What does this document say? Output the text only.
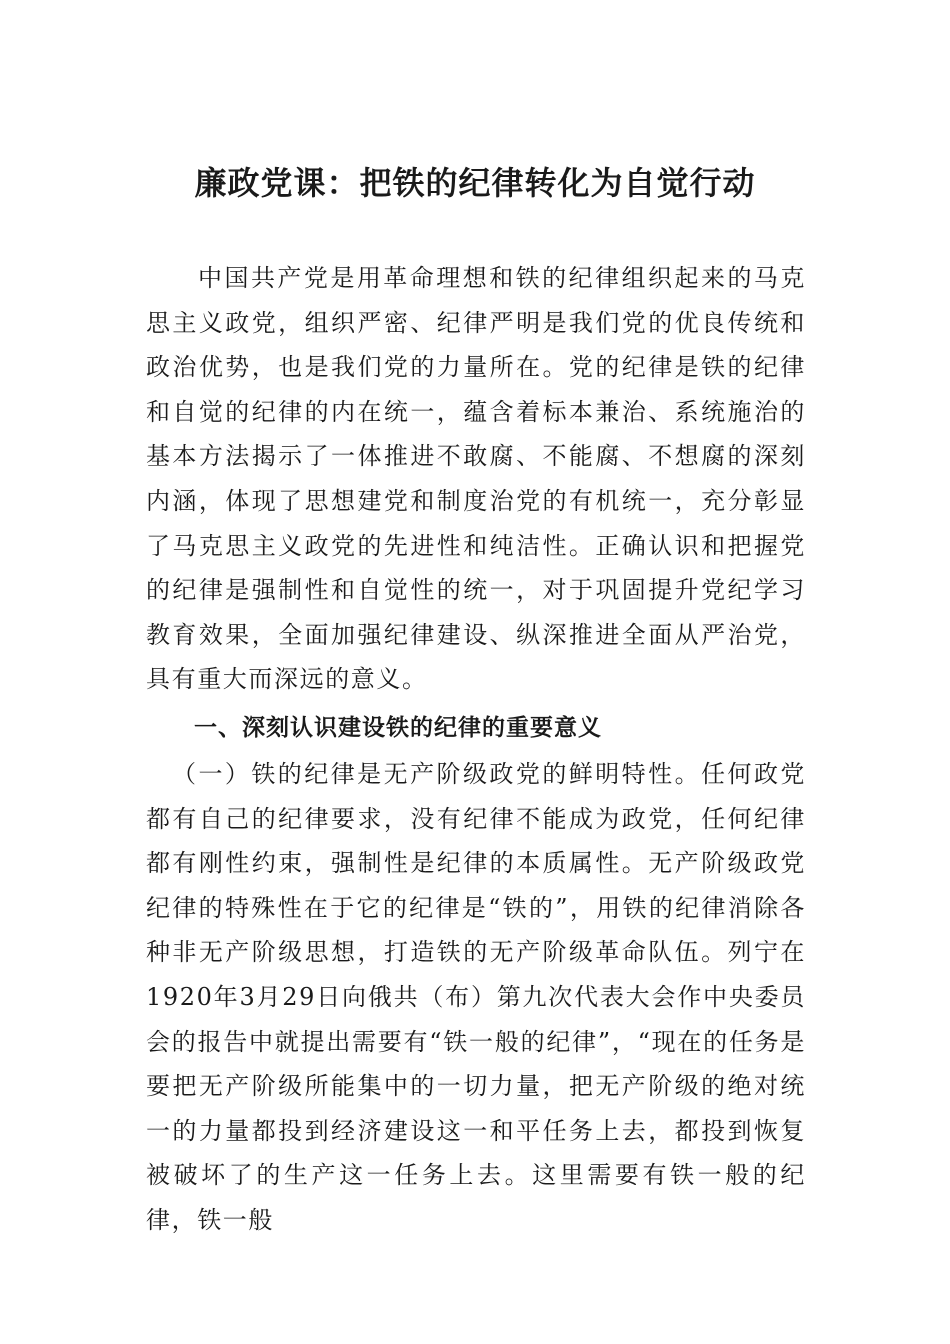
廉政党课：把铁的纪律转化为自觉行动

中国共产党是用革命理想和铁的纪律组织起来的马克思主义政党，组织严密、纪律严明是我们党的优良传统和政治优势，也是我们党的力量所在。党的纪律是铁的纪律和自觉的纪律的内在统一，蕴含着标本兼治、系统施治的基本方法揭示了一体推进不敢腐、不能腐、不想腐的深刻内涵，体现了思想建党和制度治党的有机统一，充分彰显了马克思主义政党的先进性和纯洁性。正确认识和把握党的纪律是强制性和自觉性的统一，对于巩固提升党纪学习教育效果，全面加强纪律建设、纵深推进全面从严治党，具有重大而深远的意义。

一、深刻认识建设铁的纪律的重要意义

（一）铁的纪律是无产阶级政党的鲜明特性。任何政党都有自己的纪律要求，没有纪律不能成为政党，任何纪律都有刚性约束，强制性是纪律的本质属性。无产阶级政党纪律的特殊性在于它的纪律是“铁的”，用铁的纪律消除各种非无产阶级思想，打造铁的无产阶级革命队伍。列宁在1920年3月29日向俄共（布）第九次代表大会作中央委员会的报告中就提出需要有“铁一般的纪律”，“现在的任务是要把无产阶级所能集中的一切力量，把无产阶级的绝对统一的力量都投到经济建设这一和平任务上去，都投到恢复被破坏了的生产这一任务上去。这里需要有铁一般的纪律，铁一般
